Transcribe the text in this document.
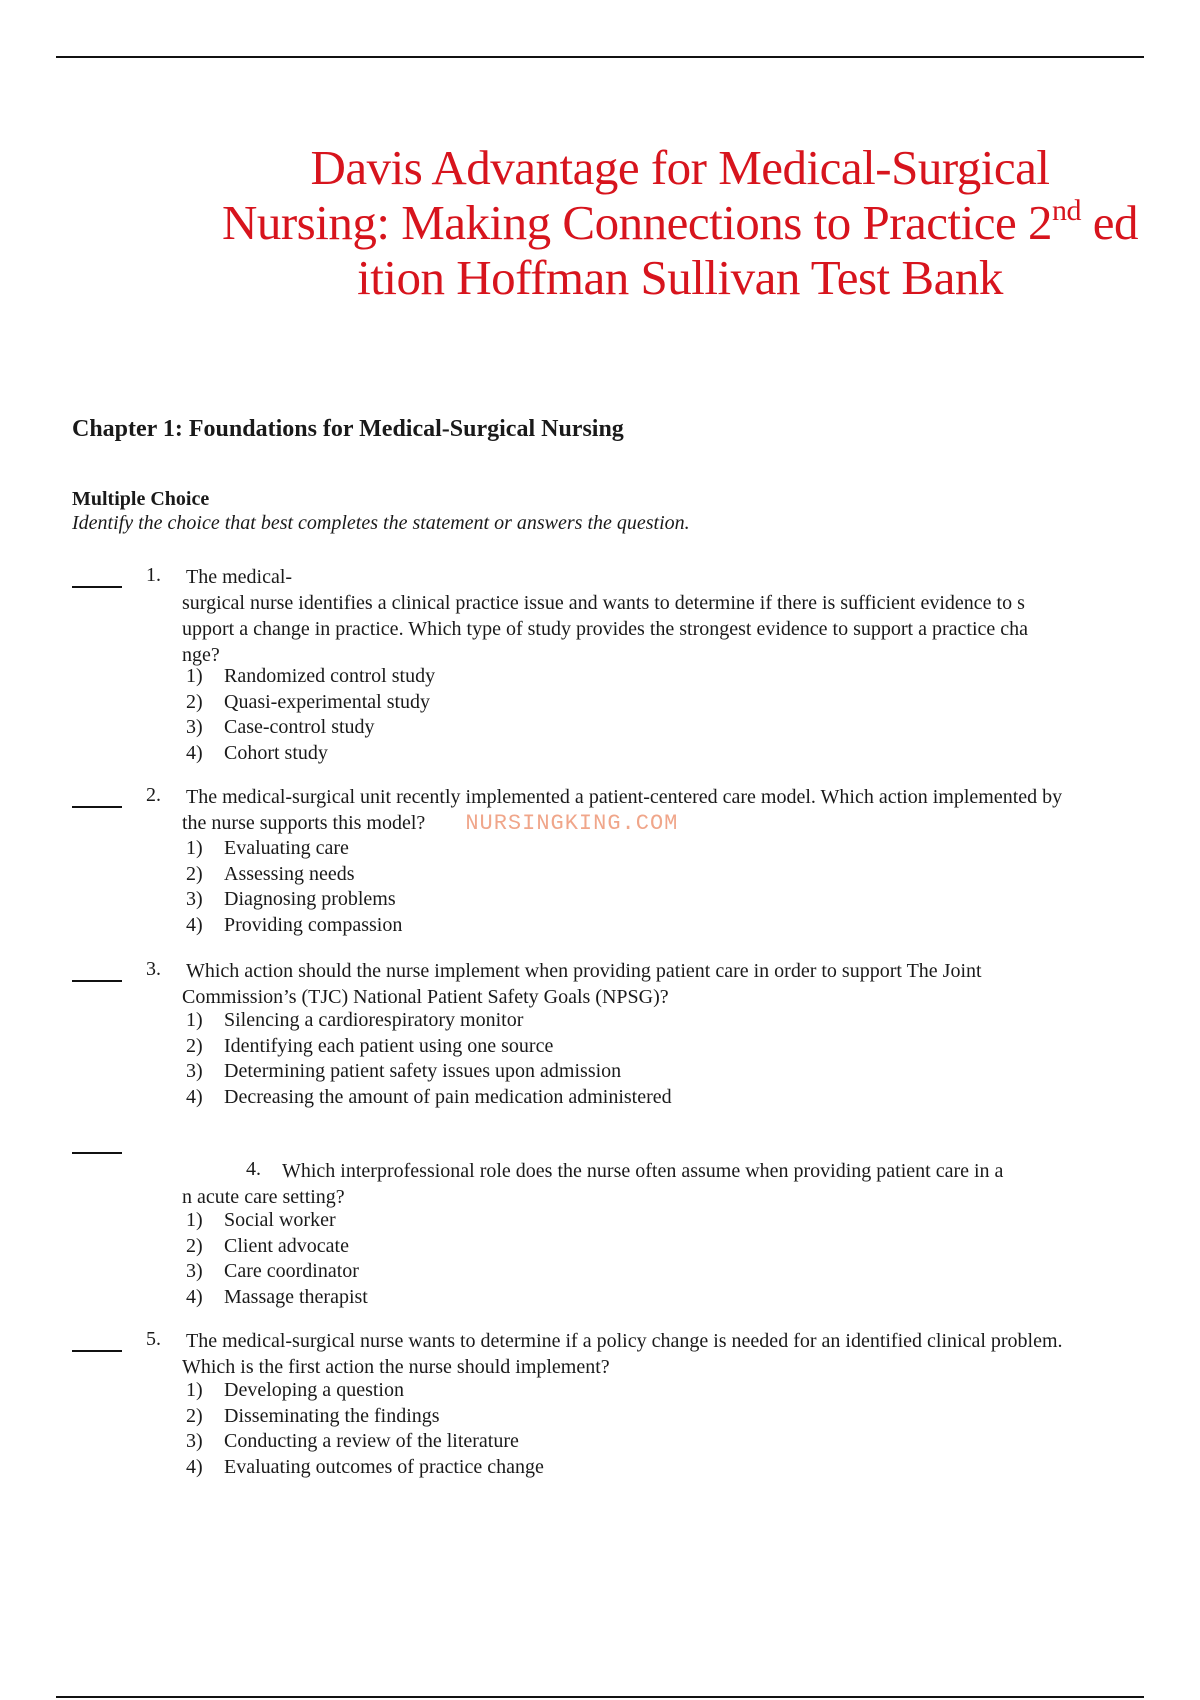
Davis Advantage for Medical-Surgical
Nursing: Making Connections to Practice 2nd ed
ition Hoffman Sullivan Test Bank
Chapter 1: Foundations for Medical-Surgical Nursing
Multiple Choice
Identify the choice that best completes the statement or answers the question.
1. The medical-
surgical nurse identifies a clinical practice issue and wants to determine if there is sufficient evidence to s
upport a change in practice. Which type of study provides the strongest evidence to support a practice cha
nge?
1) Randomized control study
2) Quasi-experimental study
3) Case-control study
4) Cohort study
2. The medical-surgical unit recently implemented a patient-centered care model. Which action implemented by
the nurse supports this model? NURSINGKING.COM
1) Evaluating care
2) Assessing needs
3) Diagnosing problems
4) Providing compassion
3. Which action should the nurse implement when providing patient care in order to support The Joint
Commission’s (TJC) National Patient Safety Goals (NPSG)?
1) Silencing a cardiorespiratory monitor
2) Identifying each patient using one source
3) Determining patient safety issues upon admission
4) Decreasing the amount of pain medication administered
4.	Which interprofessional role does the nurse often assume when providing patient care in a
n acute care setting?
1) Social worker
2) Client advocate
3) Care coordinator
4) Massage therapist
5. The medical-surgical nurse wants to determine if a policy change is needed for an identified clinical problem.
Which is the first action the nurse should implement?
1) Developing a question
2) Disseminating the findings
3) Conducting a review of the literature
4) Evaluating outcomes of practice change
